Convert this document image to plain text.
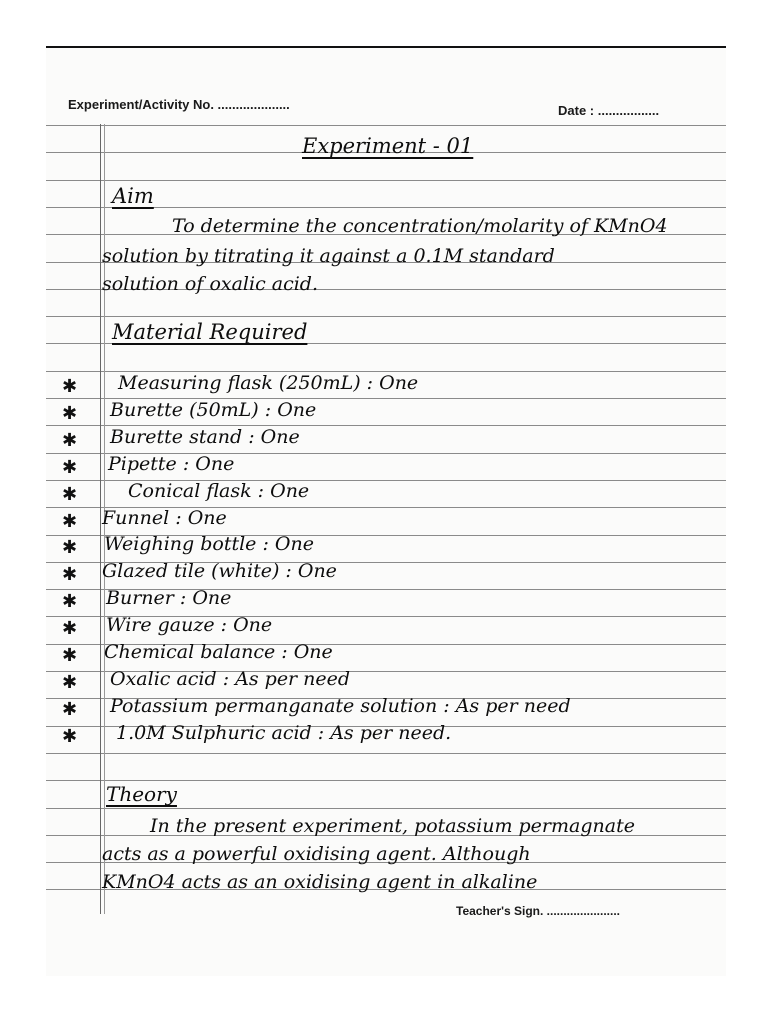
Experiment/Activity No. ....................	Date : .................
Experiment - 01
Aim
To determine the concentration/molarity of KMnO4
solution by titrating it against a 0.1M standard
solution of oxalic acid.
Material Required
✱ Measuring flask (250mL) : One
✱ Burette (50mL) : One
✱ Burette stand : One
✱ Pipette : One
✱	Conical flask : One
✱ Funnel : One
✱ Weighing bottle : One
✱ Glazed tile (white) : One
✱ Burner : One
✱ Wire gauze : One
✱ Chemical balance : One
✱ Oxalic acid : As per need
✱ Potassium permanganate solution : As per need
✱ 1.0M Sulphuric acid : As per need.
Theory
In the present experiment, potassium permagnate
acts as a powerful oxidising agent. Although
KMnO4 acts as an oxidising agent in alkaline
Teacher's Sign. ......................
